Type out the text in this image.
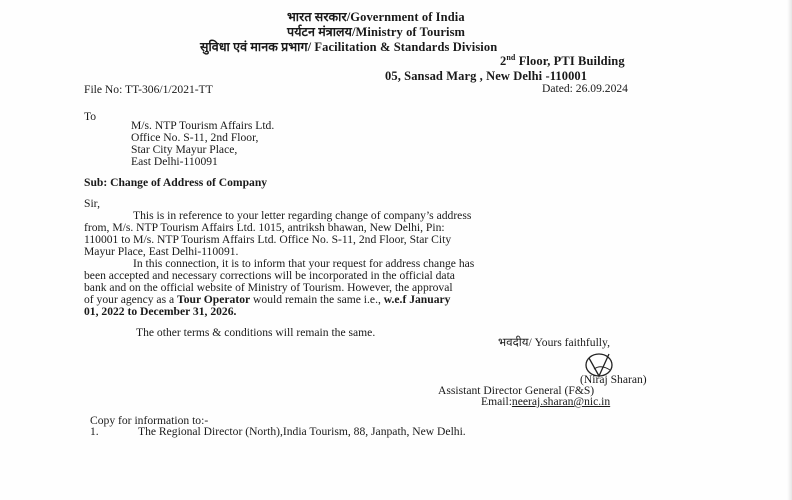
भारत सरकार/Government of India
पर्यटन मंत्रालय/Ministry of Tourism
सुविधा एवं मानक प्रभाग/ Facilitation & Standards Division
2nd Floor, PTI Building
05, Sansad Marg , New Delhi -110001
File No: TT-306/1/2021-TT	Dated: 26.09.2024
To
M/s. NTP Tourism Affairs Ltd.
Office No. S-11, 2nd Floor,
Star City Mayur Place,
East Delhi-110091
Sub: Change of Address of Company
Sir,
This is in reference to your letter regarding change of company’s address
from, M/s. NTP Tourism Affairs Ltd. 1015, antriksh bhawan, New Delhi, Pin:
110001 to M/s. NTP Tourism Affairs Ltd. Office No. S-11, 2nd Floor, Star City
Mayur Place, East Delhi-110091.
In this connection, it is to inform that your request for address change has
been accepted and necessary corrections will be incorporated in the official data
bank and on the official website of Ministry of Tourism. However, the approval
of your agency as a Tour Operator would remain the same i.e., w.e.f January
01, 2022 to December 31, 2026.
The other terms & conditions will remain the same.
भवदीय/ Yours faithfully,
(Niraj Sharan)
Assistant Director General (F&S)
Email:neeraj.sharan@nic.in
Copy for information to:-
1.	The Regional Director (North),India Tourism, 88, Janpath, New Delhi.
